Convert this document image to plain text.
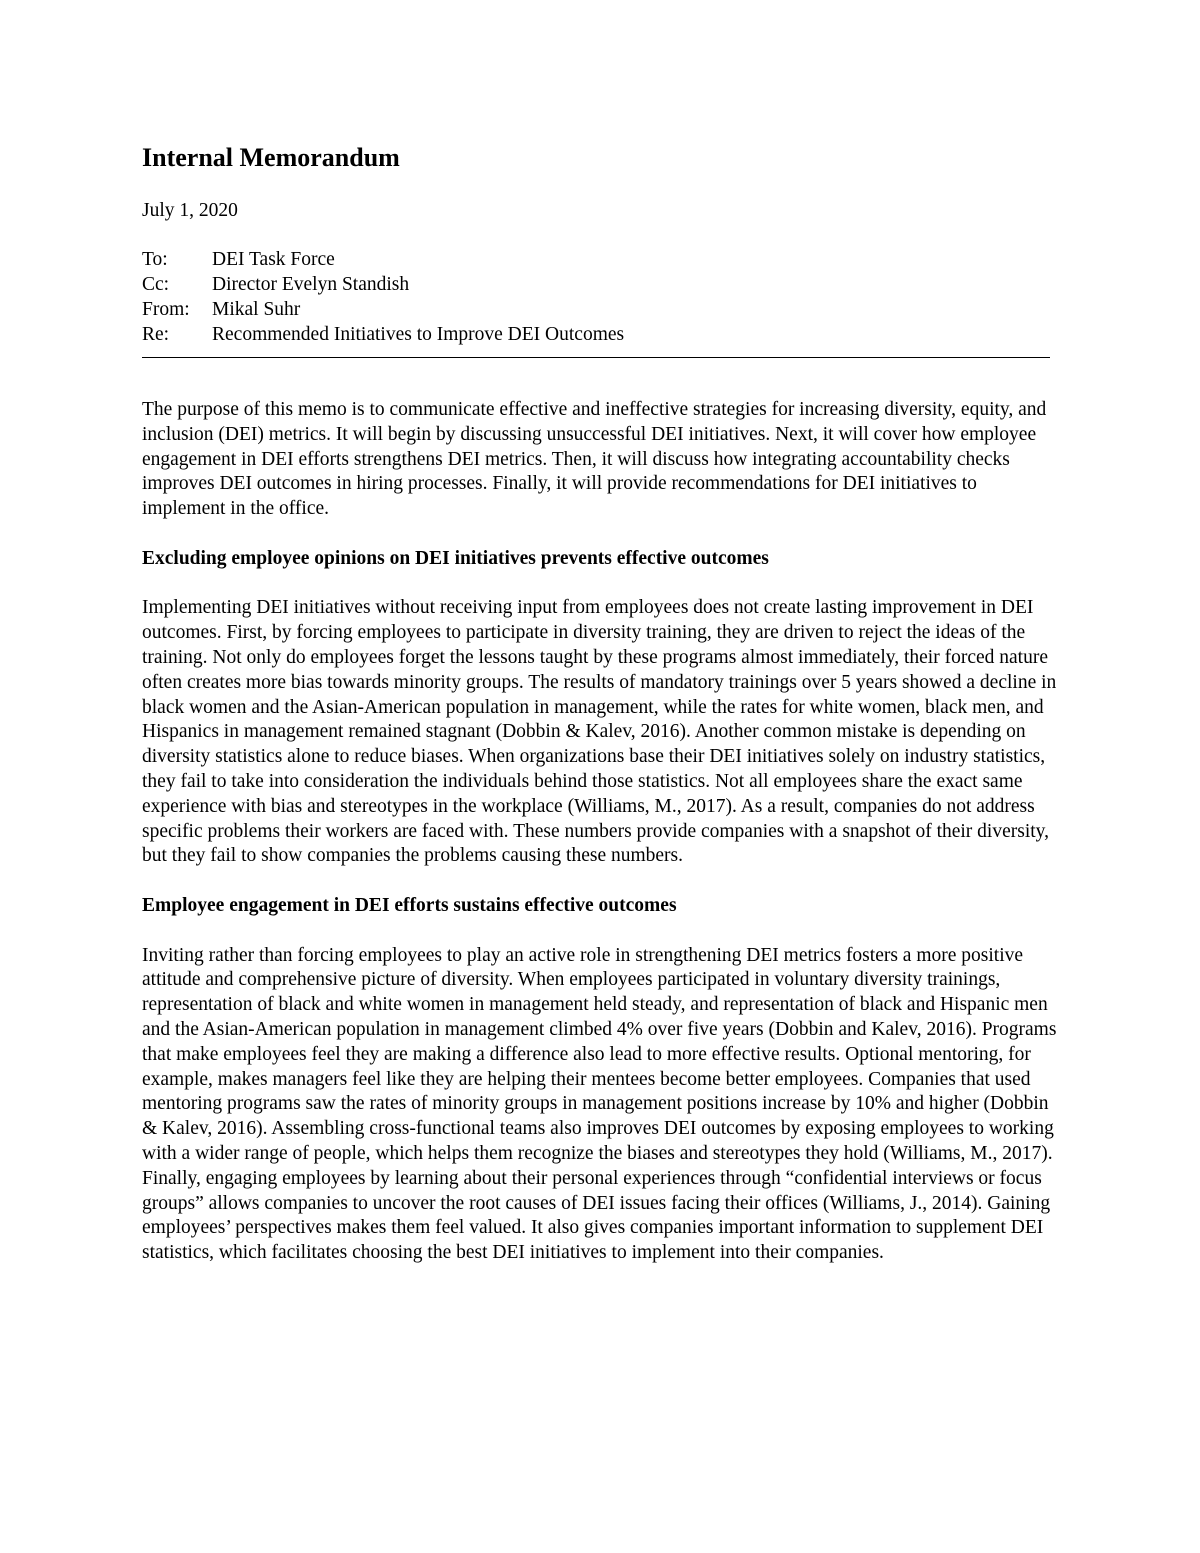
Internal Memorandum
July 1, 2020
To:	DEI Task Force
Cc:	Director Evelyn Standish
From:	Mikal Suhr
Re:	Recommended Initiatives to Improve DEI Outcomes

The purpose of this memo is to communicate effective and ineffective strategies for increasing diversity, equity, and inclusion (DEI) metrics. It will begin by discussing unsuccessful DEI initiatives. Next, it will cover how employee engagement in DEI efforts strengthens DEI metrics. Then, it will discuss how integrating accountability checks improves DEI outcomes in hiring processes. Finally, it will provide recommendations for DEI initiatives to implement in the office.

Excluding employee opinions on DEI initiatives prevents effective outcomes

Implementing DEI initiatives without receiving input from employees does not create lasting improvement in DEI outcomes. First, by forcing employees to participate in diversity training, they are driven to reject the ideas of the training. Not only do employees forget the lessons taught by these programs almost immediately, their forced nature often creates more bias towards minority groups. The results of mandatory trainings over 5 years showed a decline in black women and the Asian-American population in management, while the rates for white women, black men, and Hispanics in management remained stagnant (Dobbin & Kalev, 2016). Another common mistake is depending on diversity statistics alone to reduce biases. When organizations base their DEI initiatives solely on industry statistics, they fail to take into consideration the individuals behind those statistics. Not all employees share the exact same experience with bias and stereotypes in the workplace (Williams, M., 2017). As a result, companies do not address specific problems their workers are faced with. These numbers provide companies with a snapshot of their diversity, but they fail to show companies the problems causing these numbers.

Employee engagement in DEI efforts sustains effective outcomes

Inviting rather than forcing employees to play an active role in strengthening DEI metrics fosters a more positive attitude and comprehensive picture of diversity. When employees participated in voluntary diversity trainings, representation of black and white women in management held steady, and representation of black and Hispanic men and the Asian-American population in management climbed 4% over five years (Dobbin and Kalev, 2016). Programs that make employees feel they are making a difference also lead to more effective results. Optional mentoring, for example, makes managers feel like they are helping their mentees become better employees. Companies that used mentoring programs saw the rates of minority groups in management positions increase by 10% and higher (Dobbin & Kalev, 2016). Assembling cross-functional teams also improves DEI outcomes by exposing employees to working with a wider range of people, which helps them recognize the biases and stereotypes they hold (Williams, M., 2017). Finally, engaging employees by learning about their personal experiences through “confidential interviews or focus groups” allows companies to uncover the root causes of DEI issues facing their offices (Williams, J., 2014). Gaining employees’ perspectives makes them feel valued. It also gives companies important information to supplement DEI statistics, which facilitates choosing the best DEI initiatives to implement into their companies.
